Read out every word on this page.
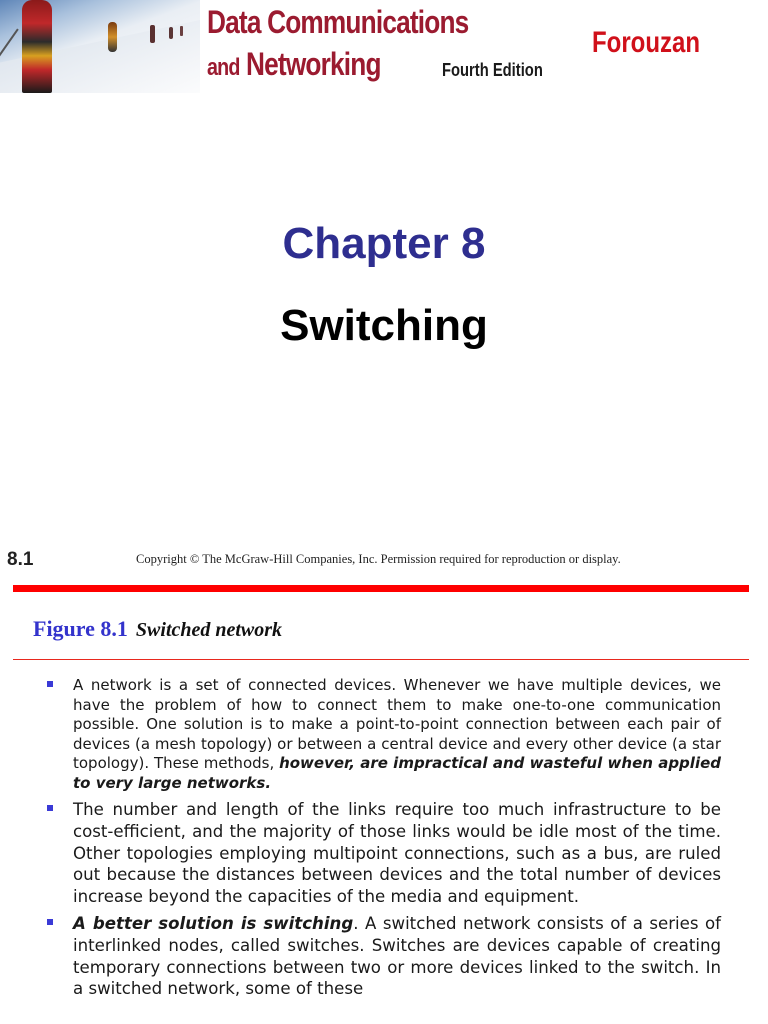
Data Communications
and Networking	Fourth Edition
Forouzan
Chapter 8
Switching
8.1	Copyright © The McGraw-Hill Companies, Inc. Permission required for reproduction or display.
Figure 8.1 Switched network
A network is a set of connected devices. Whenever we have multiple devices, we have the problem of how to connect them to make one-to-one communication possible. One solution is to make a point-to-point connection between each pair of devices (a mesh topology) or between a central device and every other device (a star topology). These methods, however, are impractical and wasteful when applied to very large networks.
The number and length of the links require too much infrastructure to be cost-efficient, and the majority of those links would be idle most of the time. Other topologies employing multipoint connections, such as a bus, are ruled out because the distances between devices and the total number of devices increase beyond the capacities of the media and equipment.
A better solution is switching. A switched network consists of a series of interlinked nodes, called switches. Switches are devices capable of creating temporary connections between two or more devices linked to the switch. In a switched network, some of these
